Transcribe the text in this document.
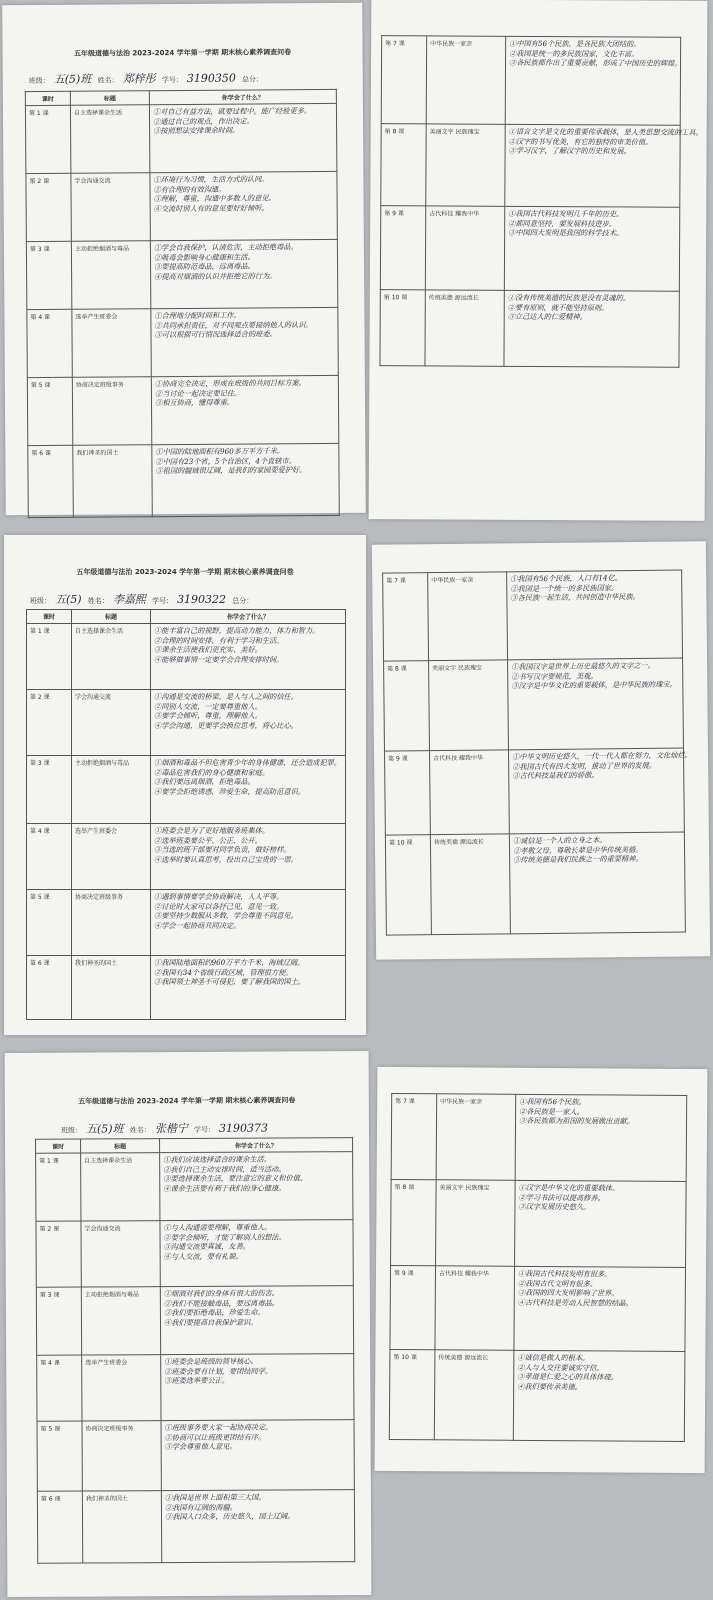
五年级道德与法治 2023-2024 学年第一学期 期末核心素养调查问卷
班级： 五(5)班 姓名： 郑梓彤 学号： 3190350 总分：
课时	标题	你学会了什么？
第 1 课	自主选择课余生活	①对自己有益方法，就要过程中，能广经验更多。
②通过自己的观点，作出决定。
③按照想法安排课余时间。

第 2 课	学会沟通交流	①环境行为习惯，生活方式的认同。
②有合理的有效沟通。
③理解，尊重，沟通中多数人的意见。
④交流时别人有的意见要好好倾听。

第 3 课	主动拒绝烟酒与毒品	①学会自我保护，认清危害，主动拒绝毒品。
②吸毒会影响身心健康和生活。
③要提高防范毒品，远离毒品。
④提高对烟酒的认识并拒绝它的行为。

第 4 课	选举产生班委会	①合理地分配时间和工作。
②共同承担责任，对不同观点要接纳他人的认识。
③可以根据可行情况选择适合的班委。

第 5 课	协商决定班级事务	①协商完全决定，形成在班级的共同目标方案。
②当讨论一起决定要记住。
③相互协商，懂得尊重。

第 6 课	我们神圣的国土	①中国的陆地面积有960多万平方千米。
②中国有23个省，5个自治区，4个直辖市。
③祖国的疆域很辽阔，是我们的家园要爱护好。
第 7 课	中华民族一家亲	①中国有56个民族，是各民族大团结的。
②我国是统一的多民族国家，文化丰富。
③各民族都作出了重要贡献，形成了中国历史的辉煌。

第 8 课	美丽文字 民族瑰宝	①语言文字是文化的重要传承载体，是人类思想交流的工具。
②汉字的书写优美，有它的独特的审美价值。
③学习汉字，了解汉字的历史和发展。

第 9 课	古代科技 耀我中华	①我国古代科技发明几千年的历史。
②都同意坚持，要发展科技进步。
③中国四大发明是我国的科学技术。

第 10 课	传统美德 源远流长	①没有传统美德的民族是没有灵魂的。
②要有原则，就不能坚持原则。
③立己达人的仁爱精神。
五年级道德与法治 2023-2024 学年第一学期 期末核心素养调查问卷
班级： 五(5) 姓名： 李嘉熙 学号： 3190322 总分：
课时	标题	你学会了什么？
第 1 课	自主选择课余生活	①能丰富自己的视野，提高动力能力，体力和智力。
②合理的时间安排，有利于学习和生活。
③课余生活使我们更充实、美好。
④能够做事情一定要学会合理安排时间。

第 2 课	学会沟通交流	①沟通是交流的桥梁，是人与人之间的信任。
②同别人交流，一定要尊重他人。
③要学会倾听，尊重，理解他人。
④学会沟通，更要学会换位思考，将心比心。

第 3 课	主动拒绝烟酒与毒品	①烟酒和毒品不但危害青少年的身体健康，还会造成犯罪。
②毒品危害我们的身心健康和家庭。
③我们要远离烟酒，拒绝毒品。
④要学会拒绝诱惑，珍爱生命，提高防范意识。

第 4 课	选举产生班委会	①班委会是为了更好地服务班集体。
②选举班委要公平、公正、公开。
③当选的班干部要对同学负责，做好榜样。
④选举时要认真思考，投出自己宝贵的一票。

第 5 课	协商决定班级事务	①遇到事情要学会协商解决，人人平等。
②讨论时大家可以各抒己见，意见一致。
③要坚持少数服从多数，学会尊重不同意见。
④学会一起协商共同决定。

第 6 课	我们神圣的国土	①我国陆地面积约960万平方千米，海域辽阔。
②我国有34个省级行政区域，管理很方便。
③我国领土神圣不可侵犯，要了解我国的国土。
第 7 课	中华民族一家亲	①我国有56个民族，人口有14亿。
②我国是一个统一的多民族国家。
③各民族一起生活，共同创造中华民族。

第 8 课	美丽文字 民族瑰宝	①我国汉字是世界上历史最悠久的文字之一。
②书写汉字要规范，美观。
③汉字是中华文化的重要载体，是中华民族的瑰宝。

第 9 课	古代科技 耀我中华	①中华文明历史悠久，一代一代人都在努力，文化灿烂。
②我国古代有四大发明，推动了世界的发展。
③古代科技是我们的骄傲。

第 10 课	传统美德 源远流长	①诚信是一个人的立身之本。
②孝敬父母，尊敬长辈是中华传统美德。
③传统美德是我们民族之一的重要精神。
五年级道德与法治 2023-2024 学年第一学期 期末核心素养调查问卷
班级： 五(5)班 姓名： 张楷宁 学号： 3190373
课时	标题	你学会了什么？
第 1 课	自主选择课余生活	①我们应该选择适合的课余生活。
②我们自己主动安排时间，适当活动。
③要选择课余生活，要注意它的意义和价值。
④课余生活要有利于我们的身心健康。

第 2 课	学会沟通交流	①与人沟通需要理解，尊重他人。
②要学会倾听，才能了解别人的想法。
③沟通交流要真诚，友善。
④与人交流，要有礼貌。

第 3 课	主动拒绝烟酒与毒品	①烟酒对我们的身体有很大的伤害。
②我们不能接触毒品，要远离毒品。
③我们要拒绝毒品，珍爱生命。
④我们要提高自我保护意识。

第 4 课	选举产生班委会	①班委会是班级的领导核心。
②班委会要有计划，要团结同学。
③班委选举要公正。

第 5 课	协商决定班级事务	①班级事务要大家一起协商决定。
②协商可以让班级更团结有序。
③学会尊重他人意见。

第 6 课	我们神圣的国土	①我国是世界上面积第三大国。
②我国有辽阔的海疆。
③我国人口众多，历史悠久，国土辽阔。
第 7 课	中华民族一家亲	①我国有56个民族。
②各民族是一家人。
③各民族都为祖国的发展做出贡献。

第 8 课	美丽文字 民族瑰宝	①汉字是中华文化的重要载体。
②学习书法可以提高修养。
③汉字发展历史悠久。

第 9 课	古代科技 耀我中华	①我国古代科技发明有很多。
②我国古代文明有很多。
③我国的四大发明影响了世界。
④古代科技是劳动人民智慧的结晶。

第 10 课	传统美德 源远流长	①诚信是做人的根本。
②人与人交往要诚实守信。
③孝道是仁爱之心的具体体现。
④我们要传承美德。
